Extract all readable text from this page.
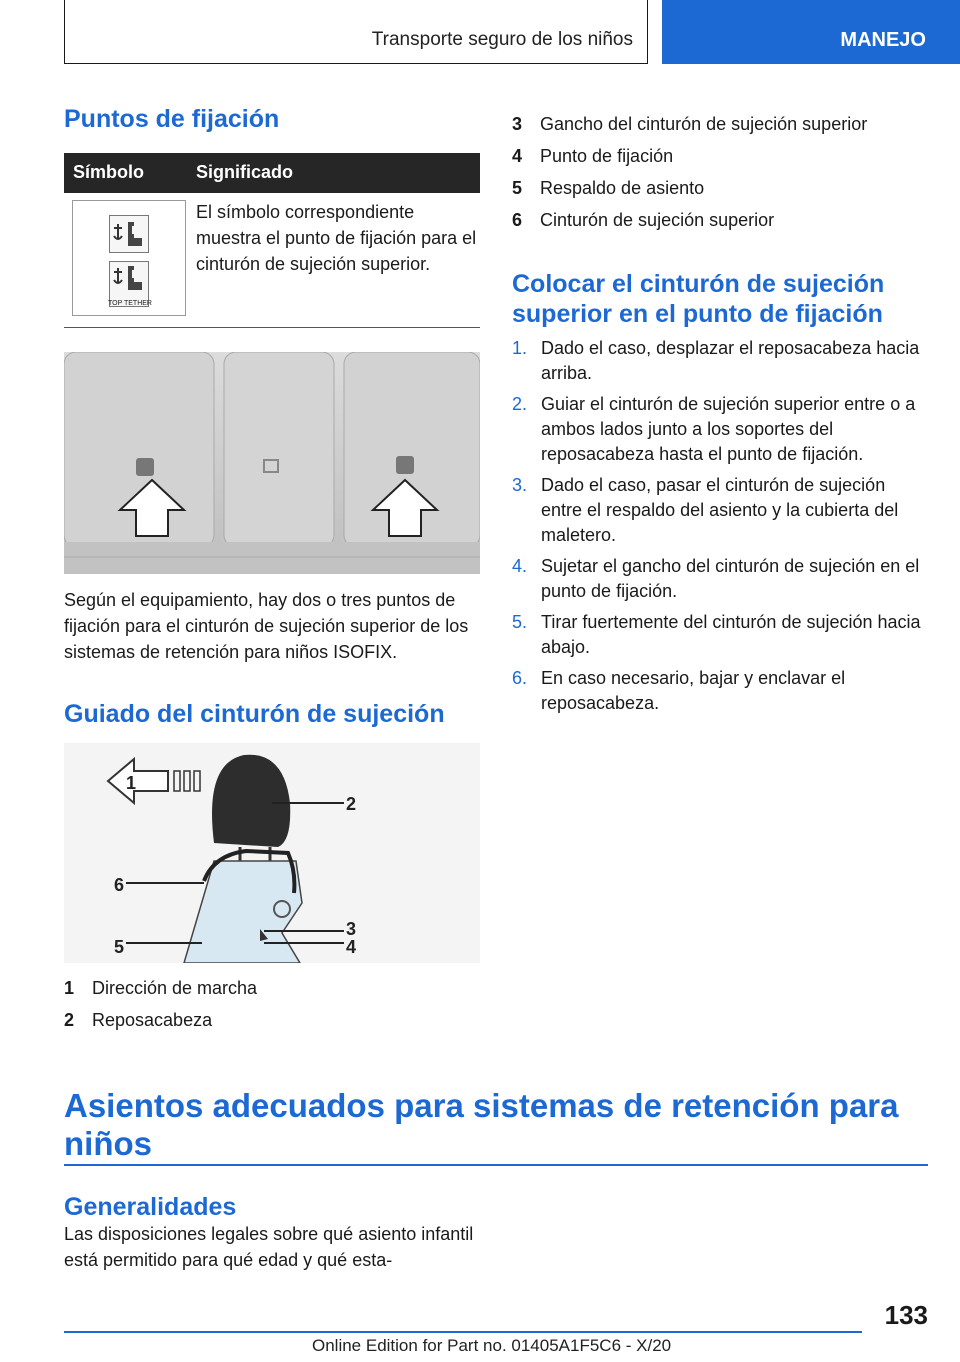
Transporte seguro de los niños	MANEJO
Puntos de fijación
Símbolo	Significado
TOP TETHER
El símbolo correspondiente muestra el punto de fijación para el cinturón de sujeción superior.
Según el equipamiento, hay dos o tres puntos de fijación para el cinturón de sujeción superior de los sistemas de retención para niños ISOFIX.
Guiado del cinturón de sujeción
1
2
6
3
4
5
1 Dirección de marcha
2 Reposacabeza
3 Gancho del cinturón de sujeción superior
4 Punto de fijación
5 Respaldo de asiento
6 Cinturón de sujeción superior
Colocar el cinturón de sujeción superior en el punto de fijación
1. Dado el caso, desplazar el reposacabeza hacia arriba.
2. Guiar el cinturón de sujeción superior entre o a ambos lados junto a los soportes del reposacabeza hasta el punto de fijación.
3. Dado el caso, pasar el cinturón de sujeción entre el respaldo del asiento y la cubierta del maletero.
4. Sujetar el gancho del cinturón de sujeción en el punto de fijación.
5. Tirar fuertemente del cinturón de sujeción hacia abajo.
6. En caso necesario, bajar y enclavar el reposacabeza.
Asientos adecuados para sistemas de retención para niños
Generalidades
Las disposiciones legales sobre qué asiento infantil está permitido para qué edad y qué esta-
133
Online Edition for Part no. 01405A1F5C6 - X/20
